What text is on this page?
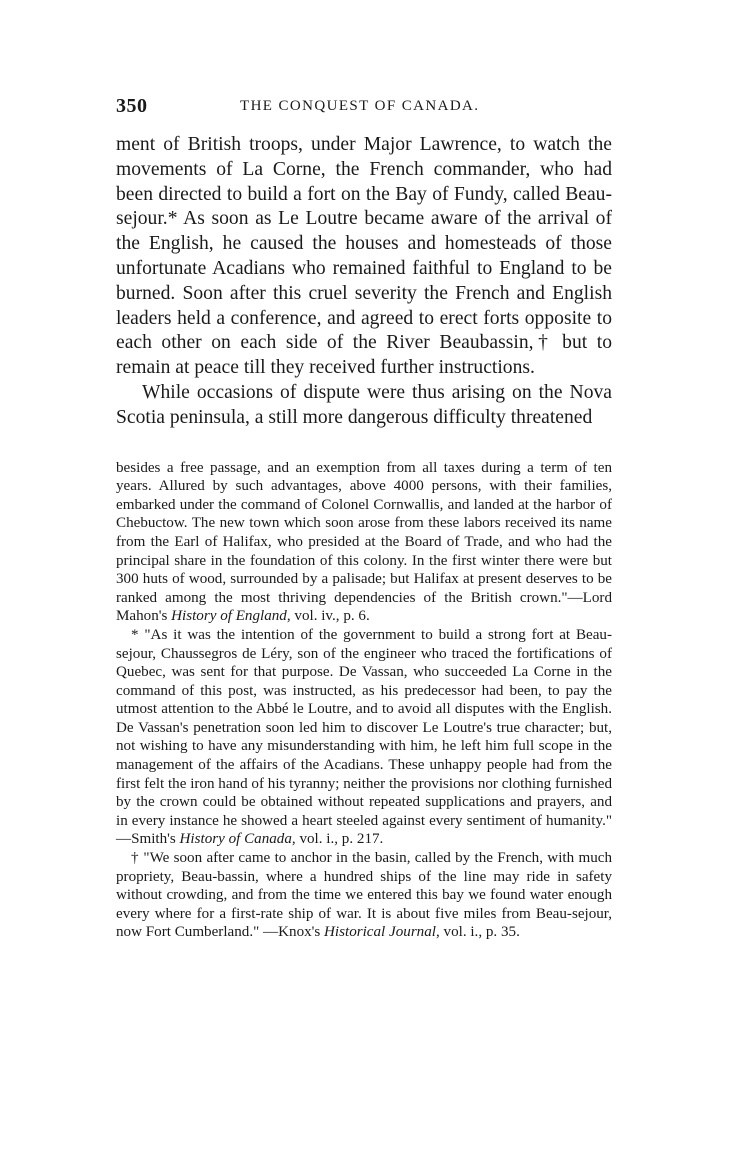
350	THE CONQUEST OF CANADA.

ment of British troops, under Major Lawrence, to watch the movements of La Corne, the French commander, who had been directed to build a fort on the Bay of Fundy, called Beau-sejour.* As soon as Le Loutre became aware of the arrival of the English, he caused the houses and homesteads of those unfortunate Acadians who remained faithful to England to be burned. Soon after this cruel severity the French and English leaders held a conference, and agreed to erect forts opposite to each other on each side of the River Beaubassin,† but to remain at peace till they received further instructions.

While occasions of dispute were thus arising on the Nova Scotia peninsula, a still more dangerous difficulty threatened

besides a free passage, and an exemption from all taxes during a term of ten years. Allured by such advantages, above 4000 persons, with their families, embarked under the command of Colonel Cornwallis, and landed at the harbor of Chebuctow. The new town which soon arose from these labors received its name from the Earl of Halifax, who presided at the Board of Trade, and who had the principal share in the foundation of this colony. In the first winter there were but 300 huts of wood, surrounded by a palisade; but Halifax at present deserves to be ranked among the most thriving dependencies of the British crown."—Lord Mahon's History of England, vol. iv., p. 6.

* "As it was the intention of the government to build a strong fort at Beau-sejour, Chaussegros de Léry, son of the engineer who traced the fortifications of Quebec, was sent for that purpose. De Vassan, who succeeded La Corne in the command of this post, was instructed, as his predecessor had been, to pay the utmost attention to the Abbé le Loutre, and to avoid all disputes with the English. De Vassan's penetration soon led him to discover Le Loutre's true character; but, not wishing to have any misunderstanding with him, he left him full scope in the management of the affairs of the Acadians. These unhappy people had from the first felt the iron hand of his tyranny; neither the provisions nor clothing furnished by the crown could be obtained without repeated supplications and prayers, and in every instance he showed a heart steeled against every sentiment of humanity." —Smith's History of Canada, vol. i., p. 217.

† "We soon after came to anchor in the basin, called by the French, with much propriety, Beau-bassin, where a hundred ships of the line may ride in safety without crowding, and from the time we entered this bay we found water enough every where for a first-rate ship of war. It is about five miles from Beau-sejour, now Fort Cumberland." —Knox's Historical Journal, vol. i., p. 35.
